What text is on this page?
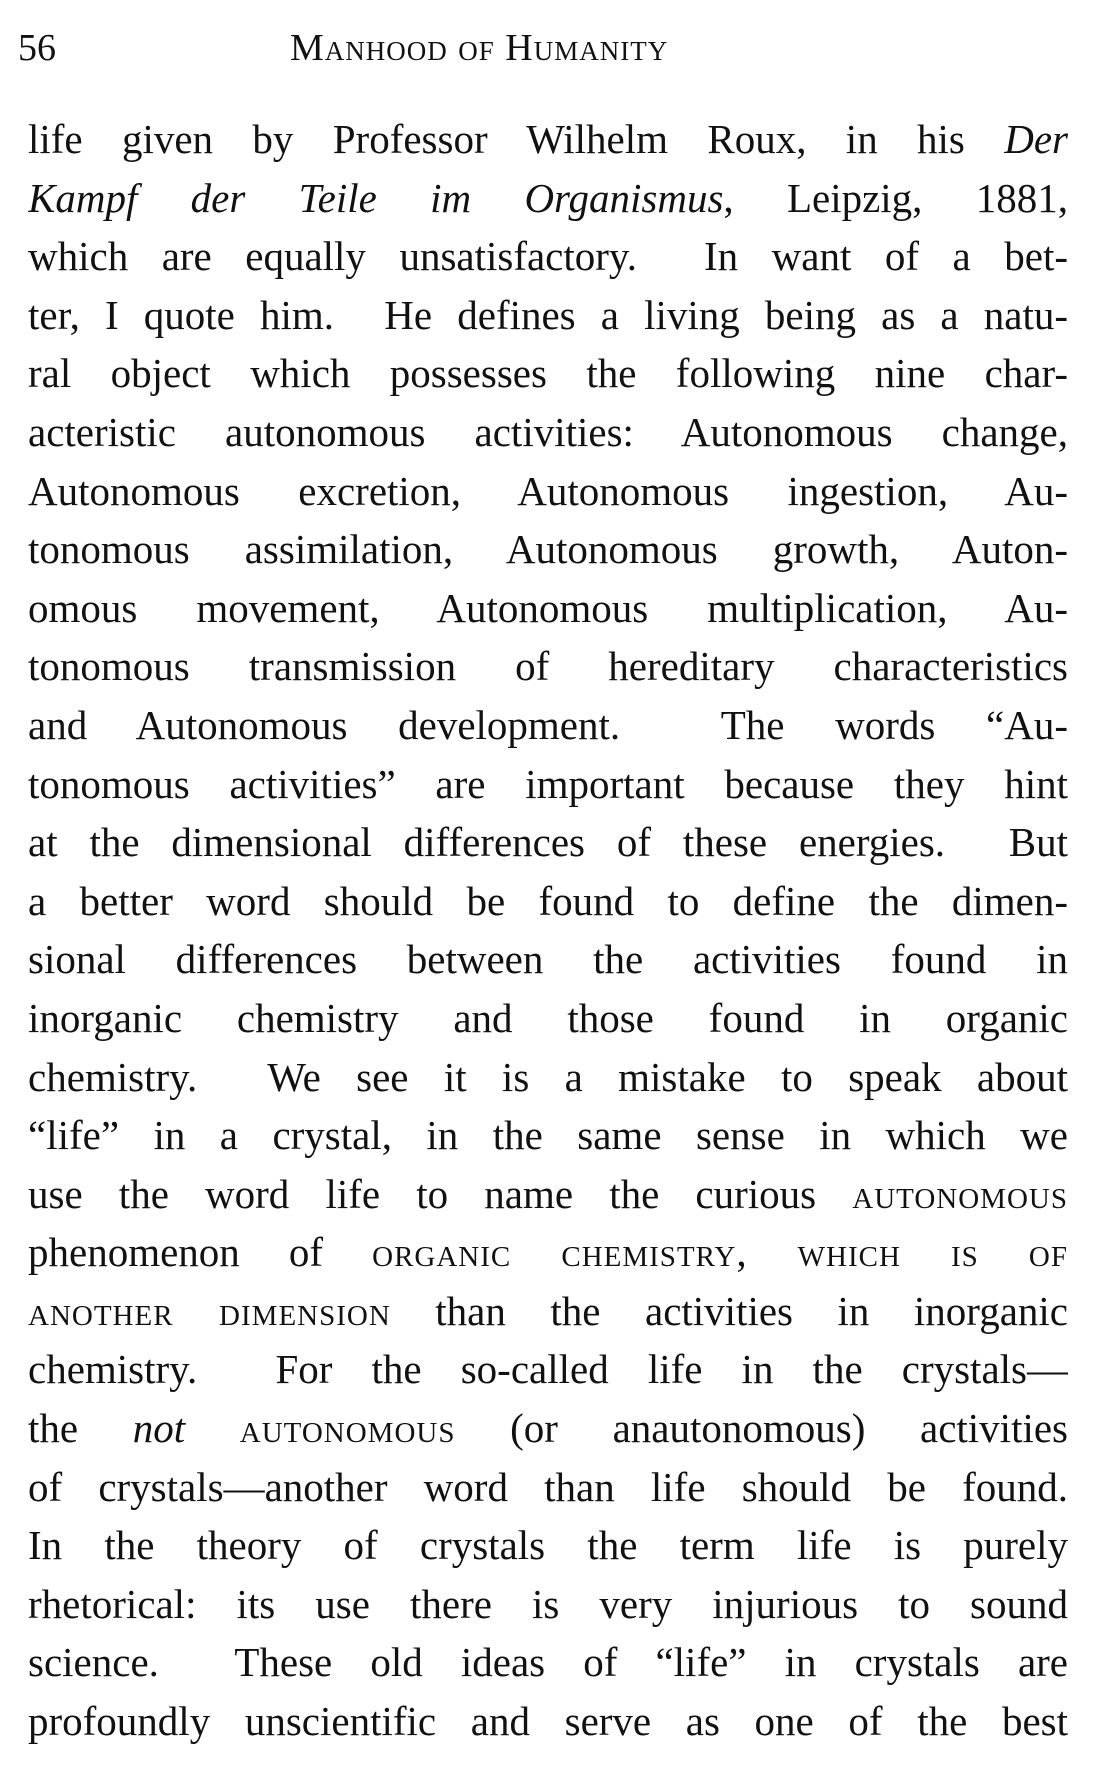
56	Manhood of Humanity
life given by Professor Wilhelm Roux, in his Der
Kampf der Teile im Organismus, Leipzig, 1881,
which are equally unsatisfactory.  In want of a bet-
ter, I quote him.  He defines a living being as a natu-
ral object which possesses the following nine char-
acteristic autonomous activities: Autonomous change,
Autonomous excretion, Autonomous ingestion, Au-
tonomous assimilation, Autonomous growth, Auton-
omous movement, Autonomous multiplication, Au-
tonomous transmission of hereditary characteristics
and Autonomous development.  The words “Au-
tonomous activities” are important because they hint
at the dimensional differences of these energies.  But
a better word should be found to define the dimen-
sional differences between the activities found in
inorganic chemistry and those found in organic
chemistry.  We see it is a mistake to speak about
“life” in a crystal, in the same sense in which we
use the word life to name the curious autonomous
phenomenon of organic chemistry, which is of
another dimension than the activities in inorganic
chemistry.  For the so-called life in the crystals—
the not autonomous (or anautonomous) activities
of crystals—another word than life should be found.
In the theory of crystals the term life is purely
rhetorical: its use there is very injurious to sound
science.  These old ideas of “life” in crystals are
profoundly unscientific and serve as one of the best
